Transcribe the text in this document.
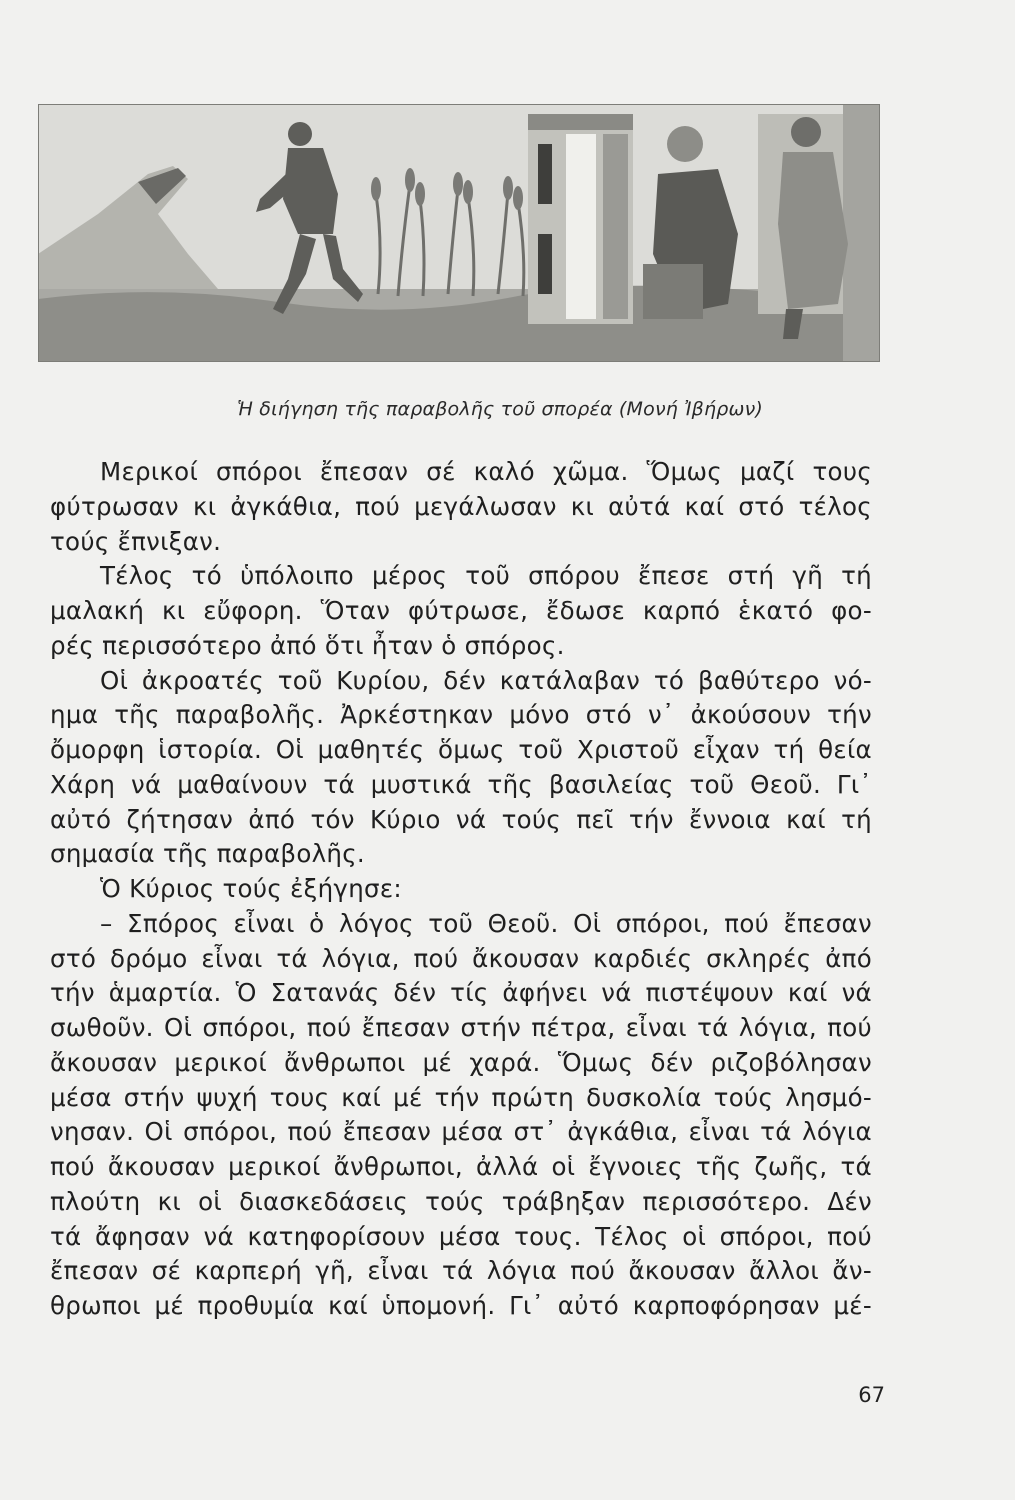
Ἡ διήγηση τῆς παραβολῆς τοῦ σπορέα (Μονή Ἰβήρων)
Μερικοί σπόροι ἔπεσαν σέ καλό χῶμα. Ὅμως μαζί τους
φύτρωσαν κι ἀγκάθια, πού μεγάλωσαν κι αὐτά καί στό τέλος
τούς ἔπνιξαν.
Τέλος τό ὑπόλοιπο μέρος τοῦ σπόρου ἔπεσε στή γῆ τή
μαλακή κι εὔφορη. Ὅταν φύτρωσε, ἔδωσε καρπό ἑκατό φο-
ρές περισσότερο ἀπό ὅτι ἦταν ὁ σπόρος.
Οἱ ἀκροατές τοῦ Κυρίου, δέν κατάλαβαν τό βαθύτερο νό-
ημα τῆς παραβολῆς. Ἀρκέστηκαν μόνο στό ν᾽ ἀκούσουν τήν
ὄμορφη ἱστορία. Οἱ μαθητές ὅμως τοῦ Χριστοῦ εἶχαν τή θεία
Χάρη νά μαθαίνουν τά μυστικά τῆς βασιλείας τοῦ Θεοῦ. Γι᾽
αὐτό ζήτησαν ἀπό τόν Κύριο νά τούς πεῖ τήν ἔννοια καί τή
σημασία τῆς παραβολῆς.
Ὁ Κύριος τούς ἐξήγησε:
– Σπόρος εἶναι ὁ λόγος τοῦ Θεοῦ. Οἱ σπόροι, πού ἔπεσαν
στό δρόμο εἶναι τά λόγια, πού ἄκουσαν καρδιές σκληρές ἀπό
τήν ἁμαρτία. Ὁ Σατανάς δέν τίς ἀφήνει νά πιστέψουν καί νά
σωθοῦν. Οἱ σπόροι, πού ἔπεσαν στήν πέτρα, εἶναι τά λόγια, πού
ἄκουσαν μερικοί ἄνθρωποι μέ χαρά. Ὅμως δέν ριζοβόλησαν
μέσα στήν ψυχή τους καί μέ τήν πρώτη δυσκολία τούς λησμό-
νησαν. Οἱ σπόροι, πού ἔπεσαν μέσα στ᾽ ἀγκάθια, εἶναι τά λόγια
πού ἄκουσαν μερικοί ἄνθρωποι, ἀλλά οἱ ἔγνοιες τῆς ζωῆς, τά
πλούτη κι οἱ διασκεδάσεις τούς τράβηξαν περισσότερο. Δέν
τά ἄφησαν νά κατηφορίσουν μέσα τους. Τέλος οἱ σπόροι, πού
ἔπεσαν σέ καρπερή γῆ, εἶναι τά λόγια πού ἄκουσαν ἄλλοι ἄν-
θρωποι μέ προθυμία καί ὑπομονή. Γι᾽ αὐτό καρποφόρησαν μέ-
67
